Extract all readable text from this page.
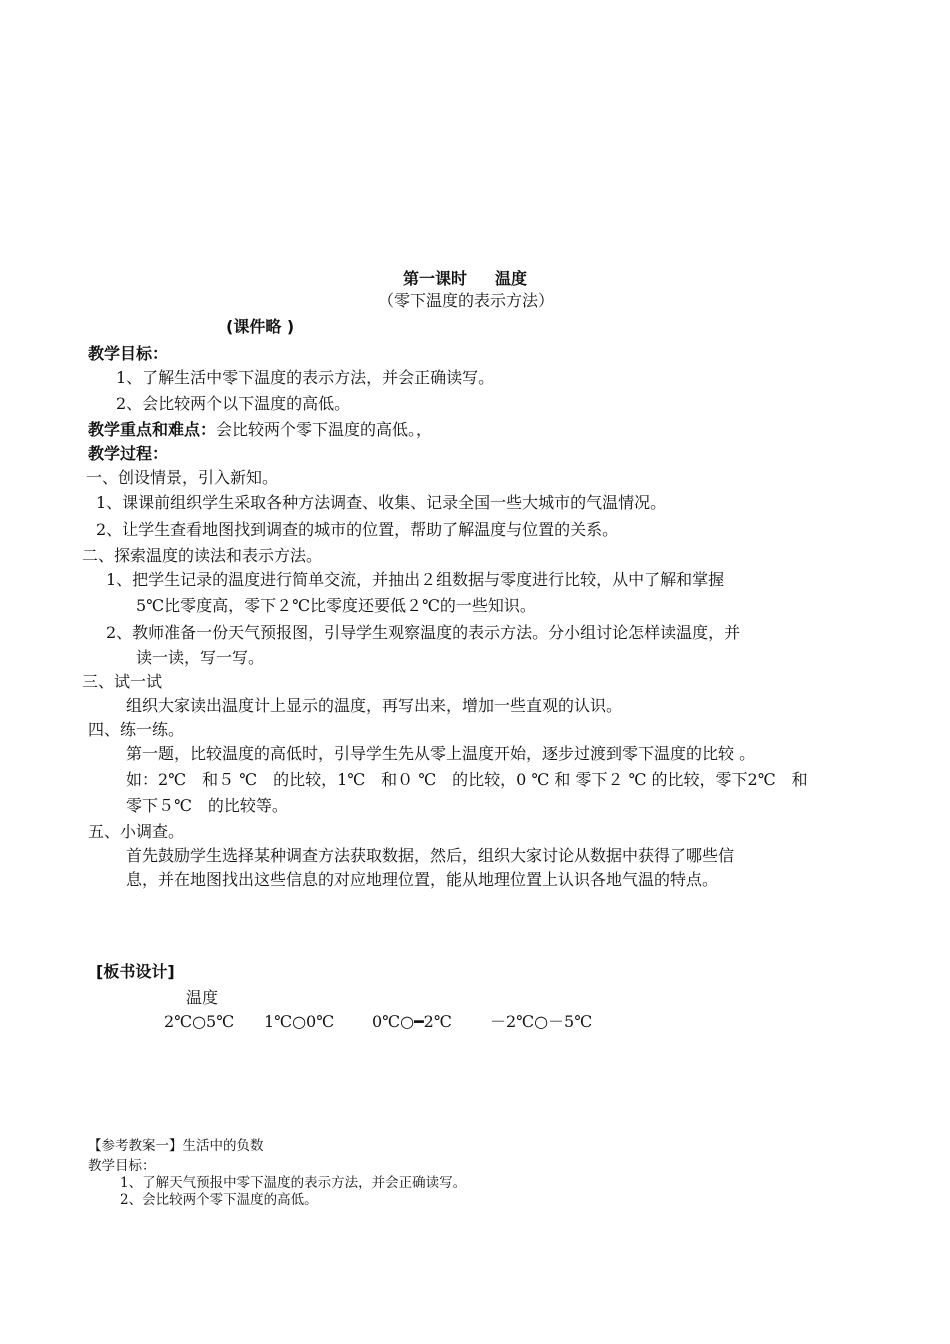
第一课时 温度
（零下温度的表示方法）
(课件略 )
教学目标：
1、了解生活中零下温度的表示方法，并会正确读写。
2、会比较两个以下温度的高低。
教学重点和难点：会比较两个零下温度的高低。，
教学过程：
一、创设情景，引入新知。
1、课课前组织学生采取各种方法调查、收集、记录全国一些大城市的气温情况。
2、让学生查看地图找到调查的城市的位置，帮助了解温度与位置的关系。
二、探索温度的读法和表示方法。
1、把学生记录的温度进行简单交流，并抽出２组数据与零度进行比较，从中了解和掌握
5℃比零度高，零下２℃比零度还要低２℃的一些知识。
2、教师准备一份天气预报图，引导学生观察温度的表示方法。分小组讨论怎样读温度，并
读一读，写一写。
三、试一试
组织大家读出温度计上显示的温度，再写出来，增加一些直观的认识。
四、练一练。
第一题，比较温度的高低时，引导学生先从零上温度开始，逐步过渡到零下温度的比较 。
如：2℃　和５ ℃　的比较，1℃　和０ ℃　的比较，0 ℃ 和 零下２ ℃ 的比较，零下2℃　和
零下５℃　的比较等。
五、小调查。
首先鼓励学生选择某种调查方法获取数据，然后，组织大家讨论从数据中获得了哪些信
息，并在地图找出这些信息的对应地理位置，能从地理位置上认识各地气温的特点。
[板书设计]
温度
2℃○5℃ 1℃○0℃ 0℃○━2℃ －2℃○－5℃
【参考教案一】生活中的负数
教学目标：
1、了解天气预报中零下温度的表示方法，并会正确读写。
2、会比较两个零下温度的高低。
